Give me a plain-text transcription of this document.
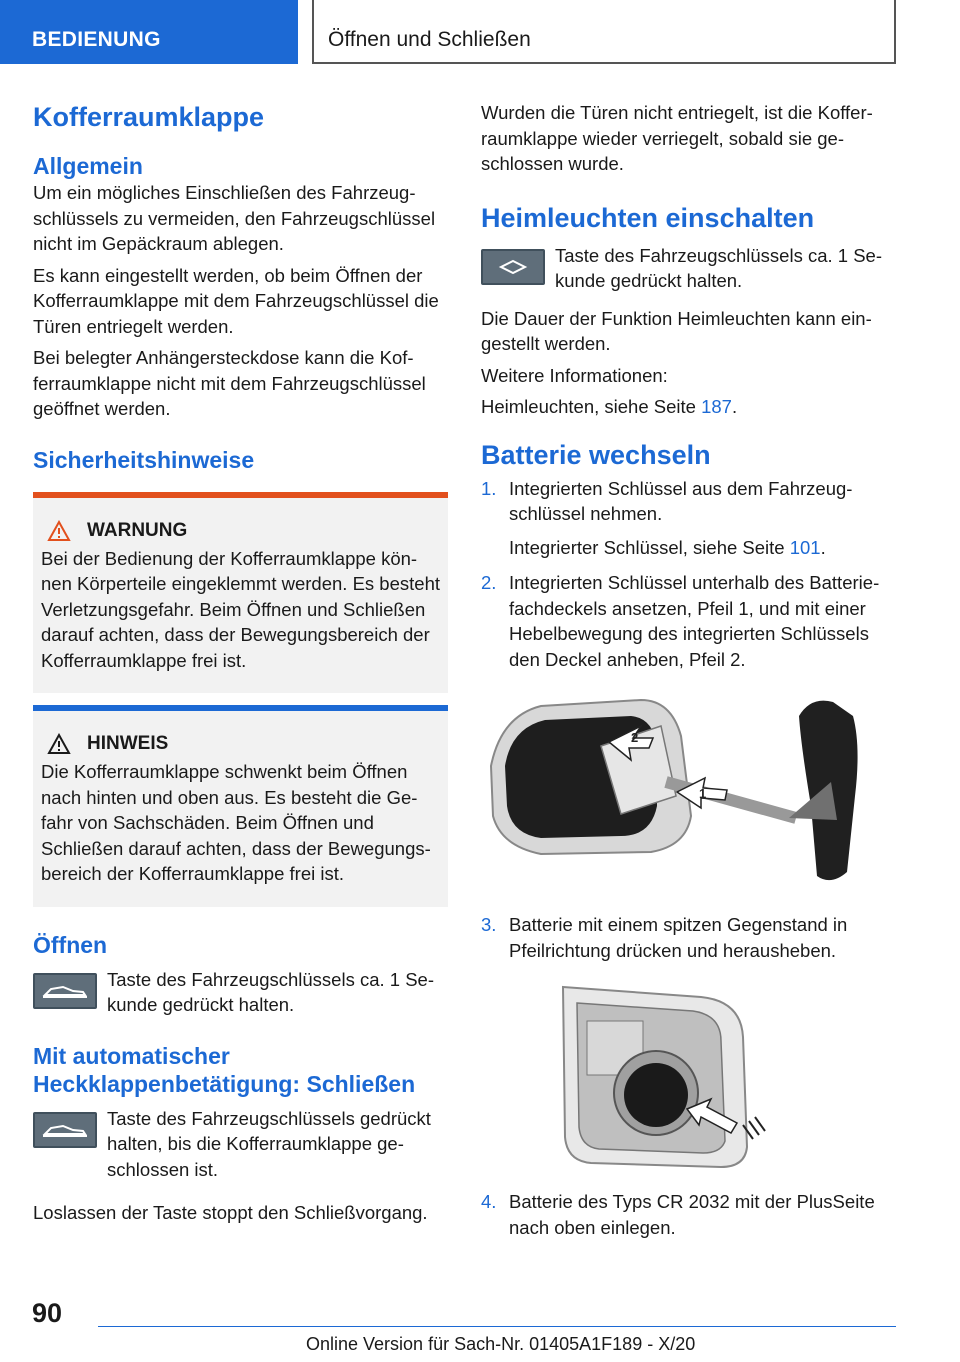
BEDIENUNG	Öffnen und Schließen
Kofferraumklappe
Allgemein

Um ein mögliches Einschließen des Fahrzeugschlüssels zu vermeiden, den Fahrzeugschlüssel nicht im Gepäckraum ablegen.

Es kann eingestellt werden, ob beim Öffnen der Kofferraumklappe mit dem Fahrzeugschlüssel die Türen entriegelt werden.

Bei belegter Anhängersteckdose kann die Kofferraumklappe nicht mit dem Fahrzeugschlüssel geöffnet werden.

Sicherheitshinweise
WARNUNG

Bei der Bedienung der Kofferraumklappe können Körperteile eingeklemmt werden. Es besteht Verletzungsgefahr. Beim Öffnen und Schließen darauf achten, dass der Bewegungsbereich der Kofferraumklappe frei ist.

HINWEIS

Die Kofferraumklappe schwenkt beim Öffnen nach hinten und oben aus. Es besteht die Gefahr von Sachschäden. Beim Öffnen und Schließen darauf achten, dass der Bewegungsbereich der Kofferraumklappe frei ist.

Öffnen

Taste des Fahrzeugschlüssels ca. 1 Sekunde gedrückt halten.

Mit automatischer
Heckklappenbetätigung: Schließen

Taste des Fahrzeugschlüssels gedrückt halten, bis die Kofferraumklappe geschlossen ist.

Loslassen der Taste stoppt den Schließvorgang.

Wurden die Türen nicht entriegelt, ist die Kofferraumklappe wieder verriegelt, sobald sie geschlossen wurde.

Heimleuchten einschalten

Taste des Fahrzeugschlüssels ca. 1 Sekunde gedrückt halten.

Die Dauer der Funktion Heimleuchten kann eingestellt werden.

Weitere Informationen:

Heimleuchten, siehe Seite 187.

Batterie wechseln
1. Integrierten Schlüssel aus dem Fahrzeugschlüssel nehmen.
Integrierter Schlüssel, siehe Seite 101.
2. Integrierten Schlüssel unterhalb des Batteriefachdeckels ansetzen, Pfeil 1, und mit einer Hebelbewegung des integrierten Schlüssels den Deckel anheben, Pfeil 2.
2
1
3. Batterie mit einem spitzen Gegenstand in Pfeilrichtung drücken und herausheben.
4. Batterie des Typs CR 2032 mit der PlusSeite nach oben einlegen.
90
Online Version für Sach-Nr. 01405A1F189 - X/20
